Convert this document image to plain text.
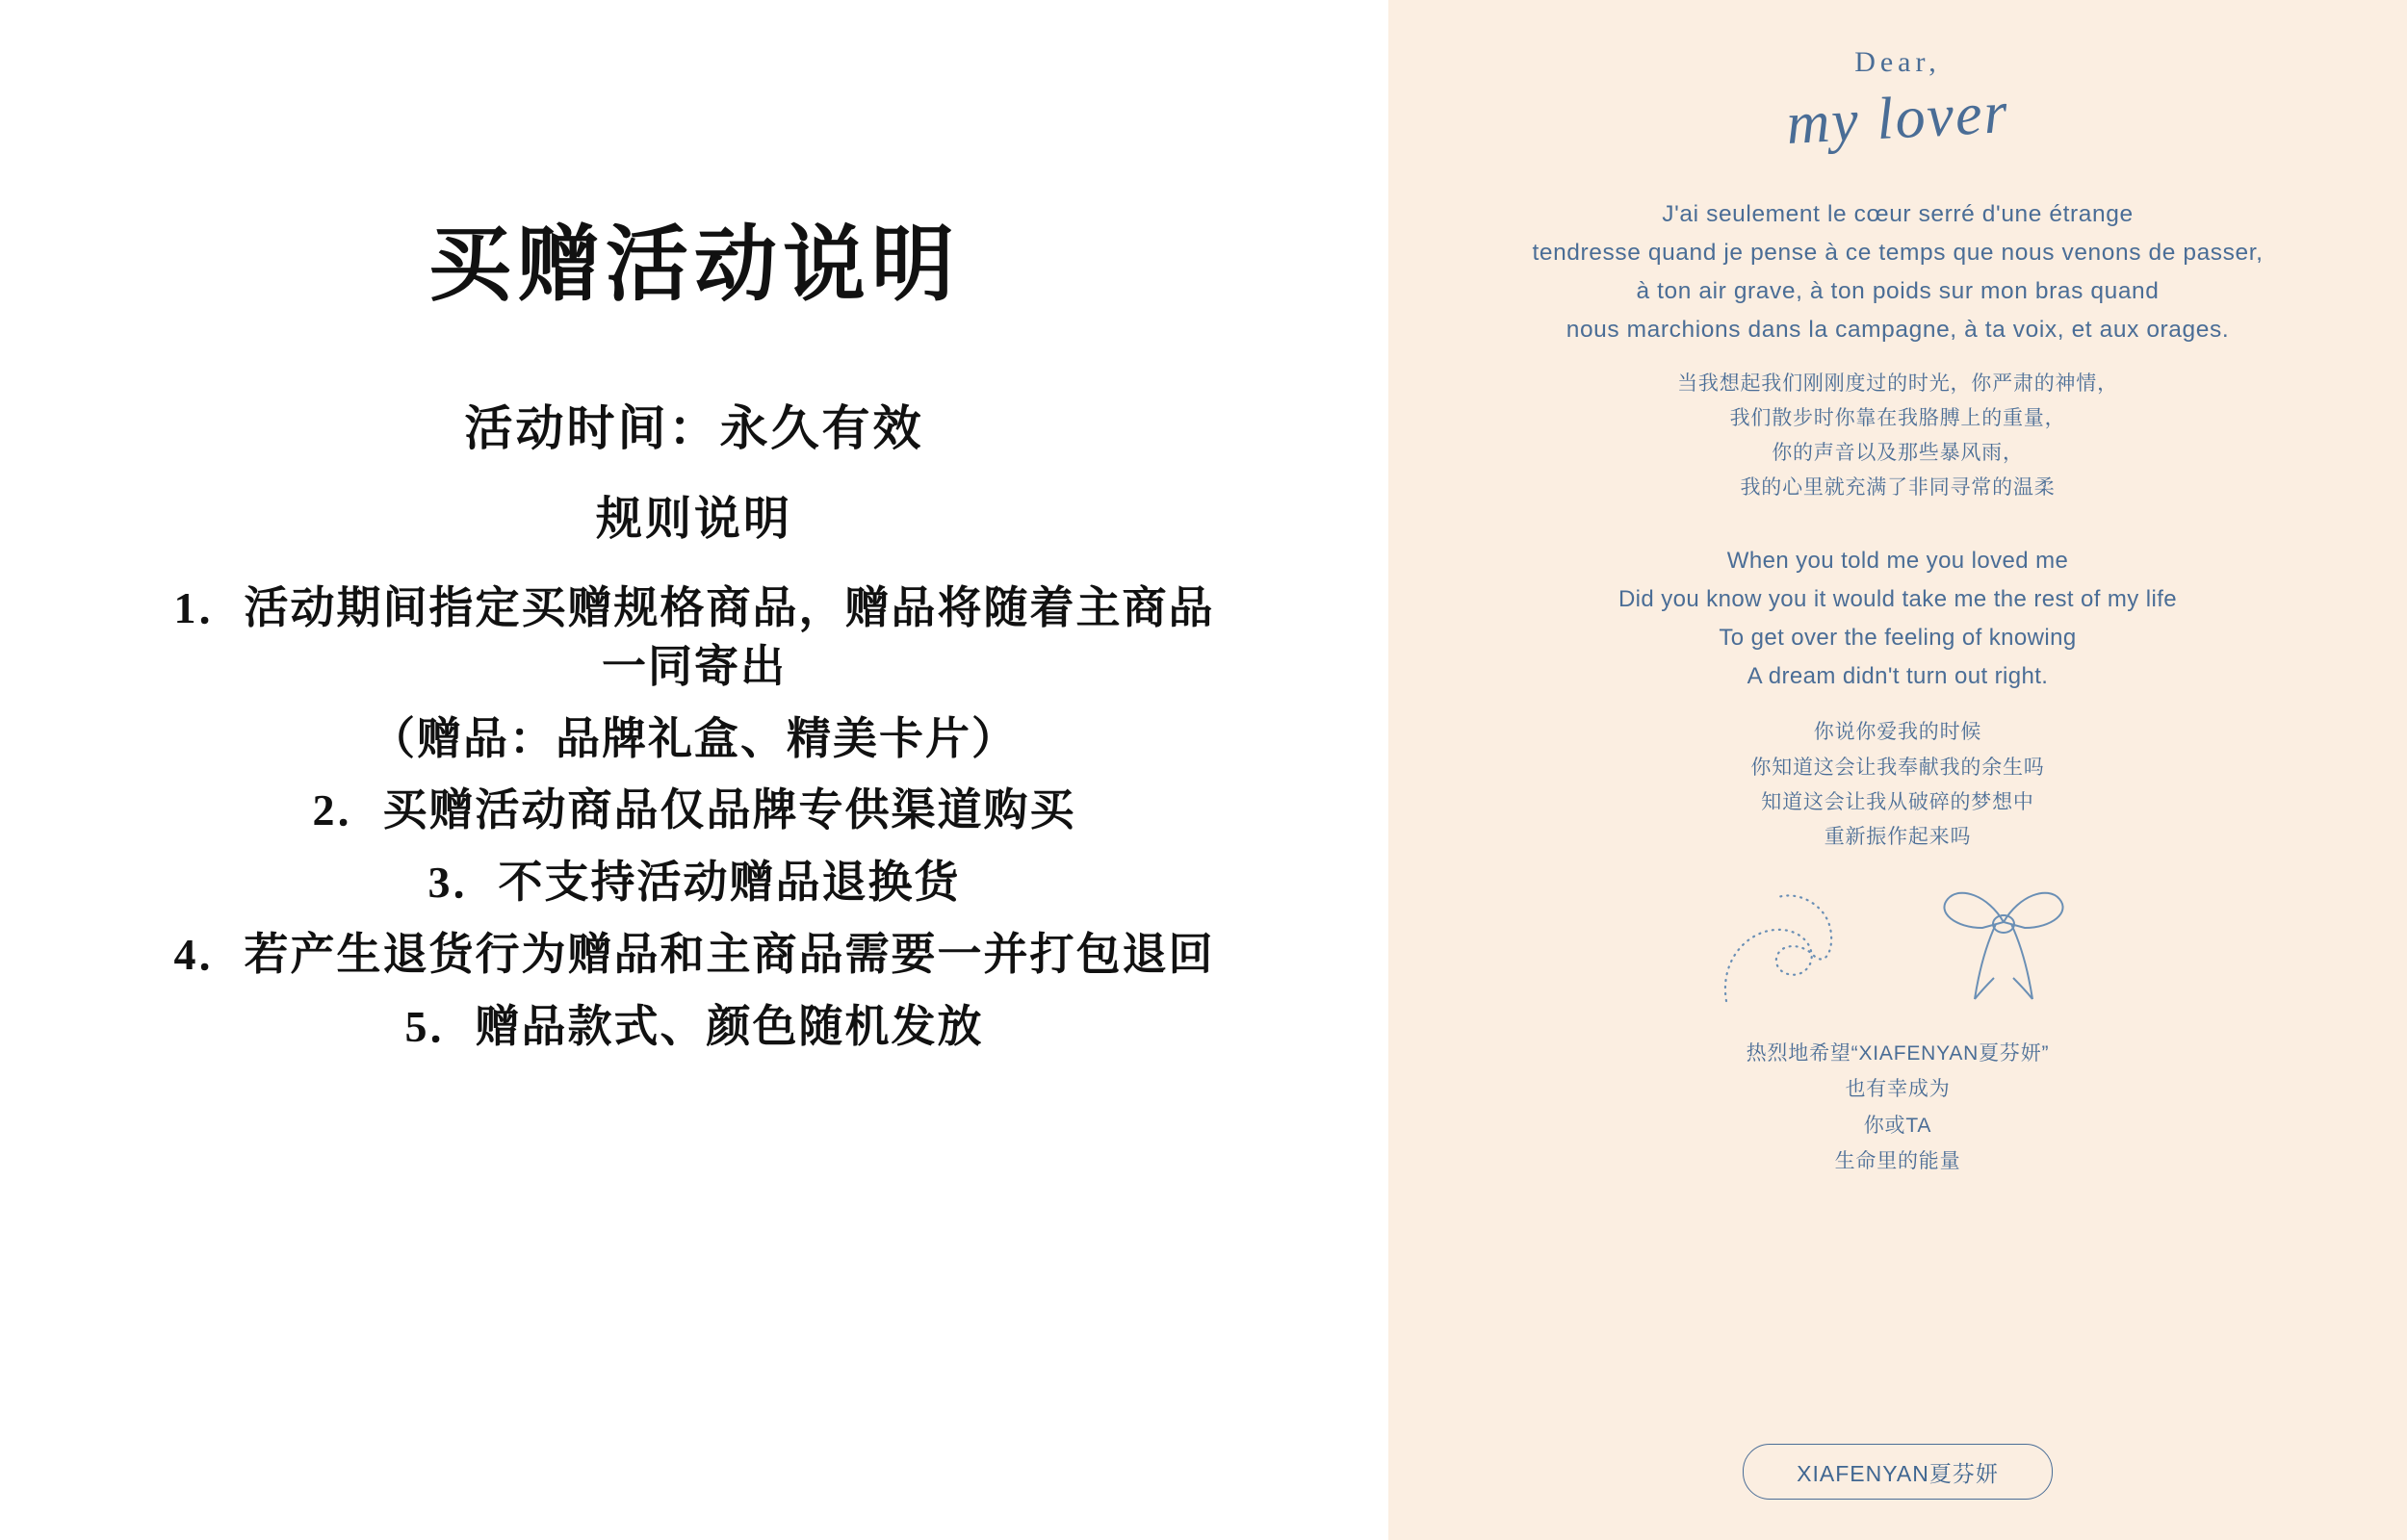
买赠活动说明
活动时间：永久有效
规则说明
1．活动期间指定买赠规格商品，赠品将随着主商品
一同寄出
（赠品：品牌礼盒、精美卡片）
2．买赠活动商品仅品牌专供渠道购买
3．不支持活动赠品退换货
4．若产生退货行为赠品和主商品需要一并打包退回
5．赠品款式、颜色随机发放
Dear,
my lover
J'ai seulement le cœur serré d'une étrange
tendresse quand je pense à ce temps que nous venons de passer,
à ton air grave, à ton poids sur mon bras quand
nous marchions dans la campagne, à ta voix, et aux orages.
当我想起我们刚刚度过的时光，你严肃的神情，
我们散步时你靠在我胳膊上的重量，
你的声音以及那些暴风雨，
我的心里就充满了非同寻常的温柔
When you told me you loved me
Did you know you it would take me the rest of my life
To get over the feeling of knowing
A dream didn't turn out right.
你说你爱我的时候
你知道这会让我奉献我的余生吗
知道这会让我从破碎的梦想中
重新振作起来吗
热烈地希望“XIAFENYAN夏芬妍”
也有幸成为
你或TA
生命里的能量
XIAFENYAN夏芬妍
